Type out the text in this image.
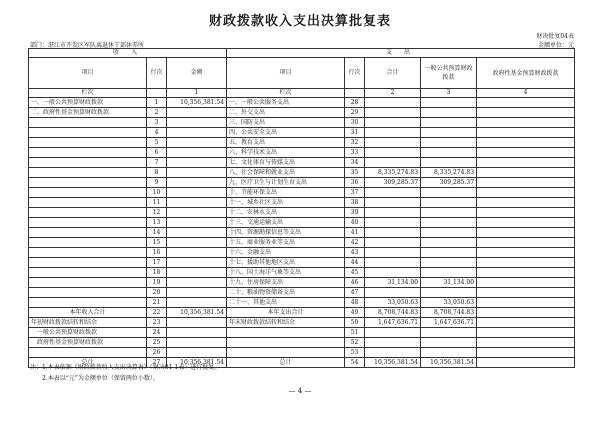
财政拨款收入支出决算批复表
财决批复04表
金额单位：元
部门：湛江市开发区军队离退休干部休养所
收 入			支 出				
项目	行次	金额	项目	行次	合计	一般公共预算财政拨款	政府性基金预算财政拨款
栏次		1	栏次		2	3	4
一、一般公共预算财政拨款	1	10,356,381.54	一、一般公共服务支出	28			
二、政府性基金预算财政拨款	2		二、外交支出	29			
	3		三、国防支出	30			
	4		四、公共安全支出	31			
	5		五、教育支出	32			
	6		六、科学技术支出	33			
	7		七、文化体育与传媒支出	34			
	8		八、社会保障和就业支出	35	8,335,274.83	8,335,274.83	
	9		九、医疗卫生与计划生育支出	36	309,285.37	309,285.37	
	10		十、节能环保支出	37			
	11		十一、城乡社区支出	38			
	12		十二、农林水支出	39			
	13		十三、交通运输支出	40			
	14		十四、资源勘探信息等支出	41			
	15		十五、商业服务业等支出	42			
	16		十六、金融支出	43			
	17		十七、援助其他地区支出	44			
	18		十八、国土海洋气象等支出	45			
	19		十九、住房保障支出	46	31,134.00	31,134.00	
	20		二十、粮油物资储备支出	47			
	21		二十一、其他支出	48	33,050.63	33,050.63	
本年收入合计	22	10,356,381.54	本年支出合计	49	8,708,744.83	8,708,744.83	
年初财政拨款结转和结余	23		年末财政拨款结转和结余	50	1,647,636.71	1,647,636.71	
一般公共预算财政拨款	24			51			
政府性基金预算财政拨款	25			52			
	26			53			
总计	27	10,356,381.54	总计	54	10,356,381.54	10,356,381.54	
注：1.本表依据《财政拨款收入支出决算表》（财决01-1表）进行批复。
2.本表以“元”为金额单位（保留两位小数）。
— 4 —
